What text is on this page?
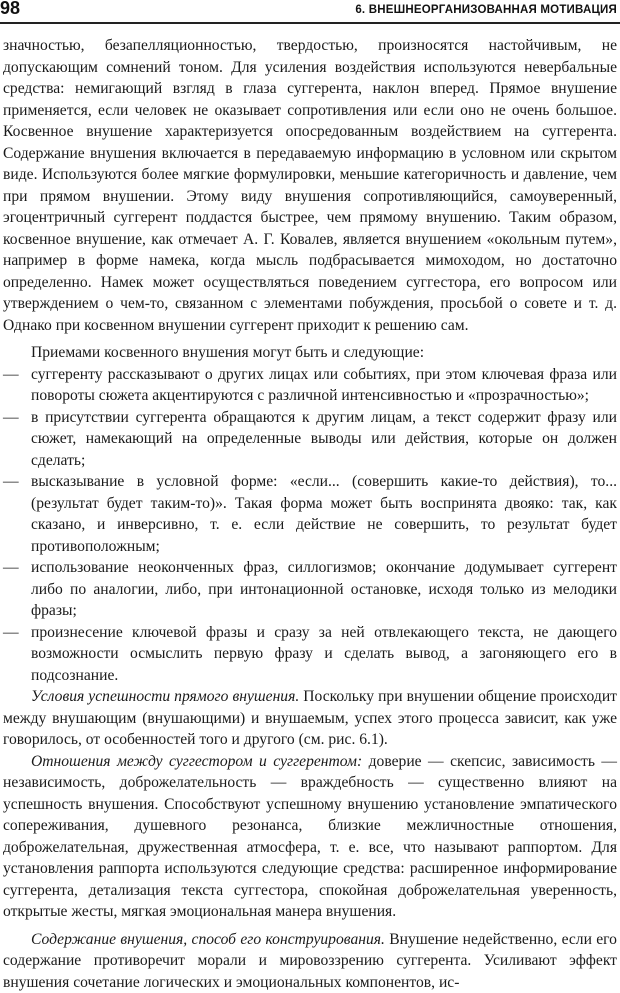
98	6. ВНЕШНЕОРГАНИЗОВАННАЯ МОТИВАЦИЯ

значностью, безапелляционностью, твердостью, произносятся настойчивым, не допускающим сомнений тоном. Для усиления воздействия используются невербальные средства: немигающий взгляд в глаза суггерента, наклон вперед. Прямое внушение применяется, если человек не оказывает сопротивления или если оно не очень большое. Косвенное внушение характеризуется опосредованным воздействием на суггерента. Содержание внушения включается в передаваемую информацию в условном или скрытом виде. Используются более мягкие формулировки, меньшие категоричность и давление, чем при прямом внушении. Этому виду внушения сопротивляющийся, самоуверенный, эгоцентричный суггерент поддастся быстрее, чем прямому внушению. Таким образом, косвенное внушение, как отмечает А. Г. Ковалев, является внушением «окольным путем», например в форме намека, когда мысль подбрасывается мимоходом, но достаточно определенно. Намек может осуществляться поведением суггестора, его вопросом или утверждением о чем-то, связанном с элементами побуждения, просьбой о совете и т. д. Однако при косвенном внушении суггерент приходит к решению сам.

Приемами косвенного внушения могут быть и следующие:

— суггеренту рассказывают о других лицах или событиях, при этом ключевая фраза или повороты сюжета акцентируются с различной интенсивностью и «прозрачностью»;
— в присутствии суггерента обращаются к другим лицам, а текст содержит фразу или сюжет, намекающий на определенные выводы или действия, которые он должен сделать;
— высказывание в условной форме: «если... (совершить какие-то действия), то... (результат будет таким-то)». Такая форма может быть воспринята двояко: так, как сказано, и инверсивно, т. е. если действие не совершить, то результат будет противоположным;
— использование неоконченных фраз, силлогизмов; окончание додумывает суггерент либо по аналогии, либо, при интонационной остановке, исходя только из мелодики фразы;
— произнесение ключевой фразы и сразу за ней отвлекающего текста, не дающего возможности осмыслить первую фразу и сделать вывод, а загоняющего его в подсознание.

Условия успешности прямого внушения. Поскольку при внушении общение происходит между внушающим (внушающими) и внушаемым, успех этого процесса зависит, как уже говорилось, от особенностей того и другого (см. рис. 6.1).

Отношения между суггестором и суггерентом: доверие — скепсис, зависимость — независимость, доброжелательность — враждебность — существенно влияют на успешность внушения. Способствуют успешному внушению установление эмпатического сопереживания, душевного резонанса, близкие межличностные отношения, доброжелательная, дружественная атмосфера, т. е. все, что называют раппортом. Для установления раппорта используются следующие средства: расширенное информирование суггерента, детализация текста суггестора, спокойная доброжелательная уверенность, открытые жесты, мягкая эмоциональная манера внушения.

Содержание внушения, способ его конструирования. Внушение недейственно, если его содержание противоречит морали и мировоззрению суггерента. Усиливают эффект внушения сочетание логических и эмоциональных компонентов, ис-
